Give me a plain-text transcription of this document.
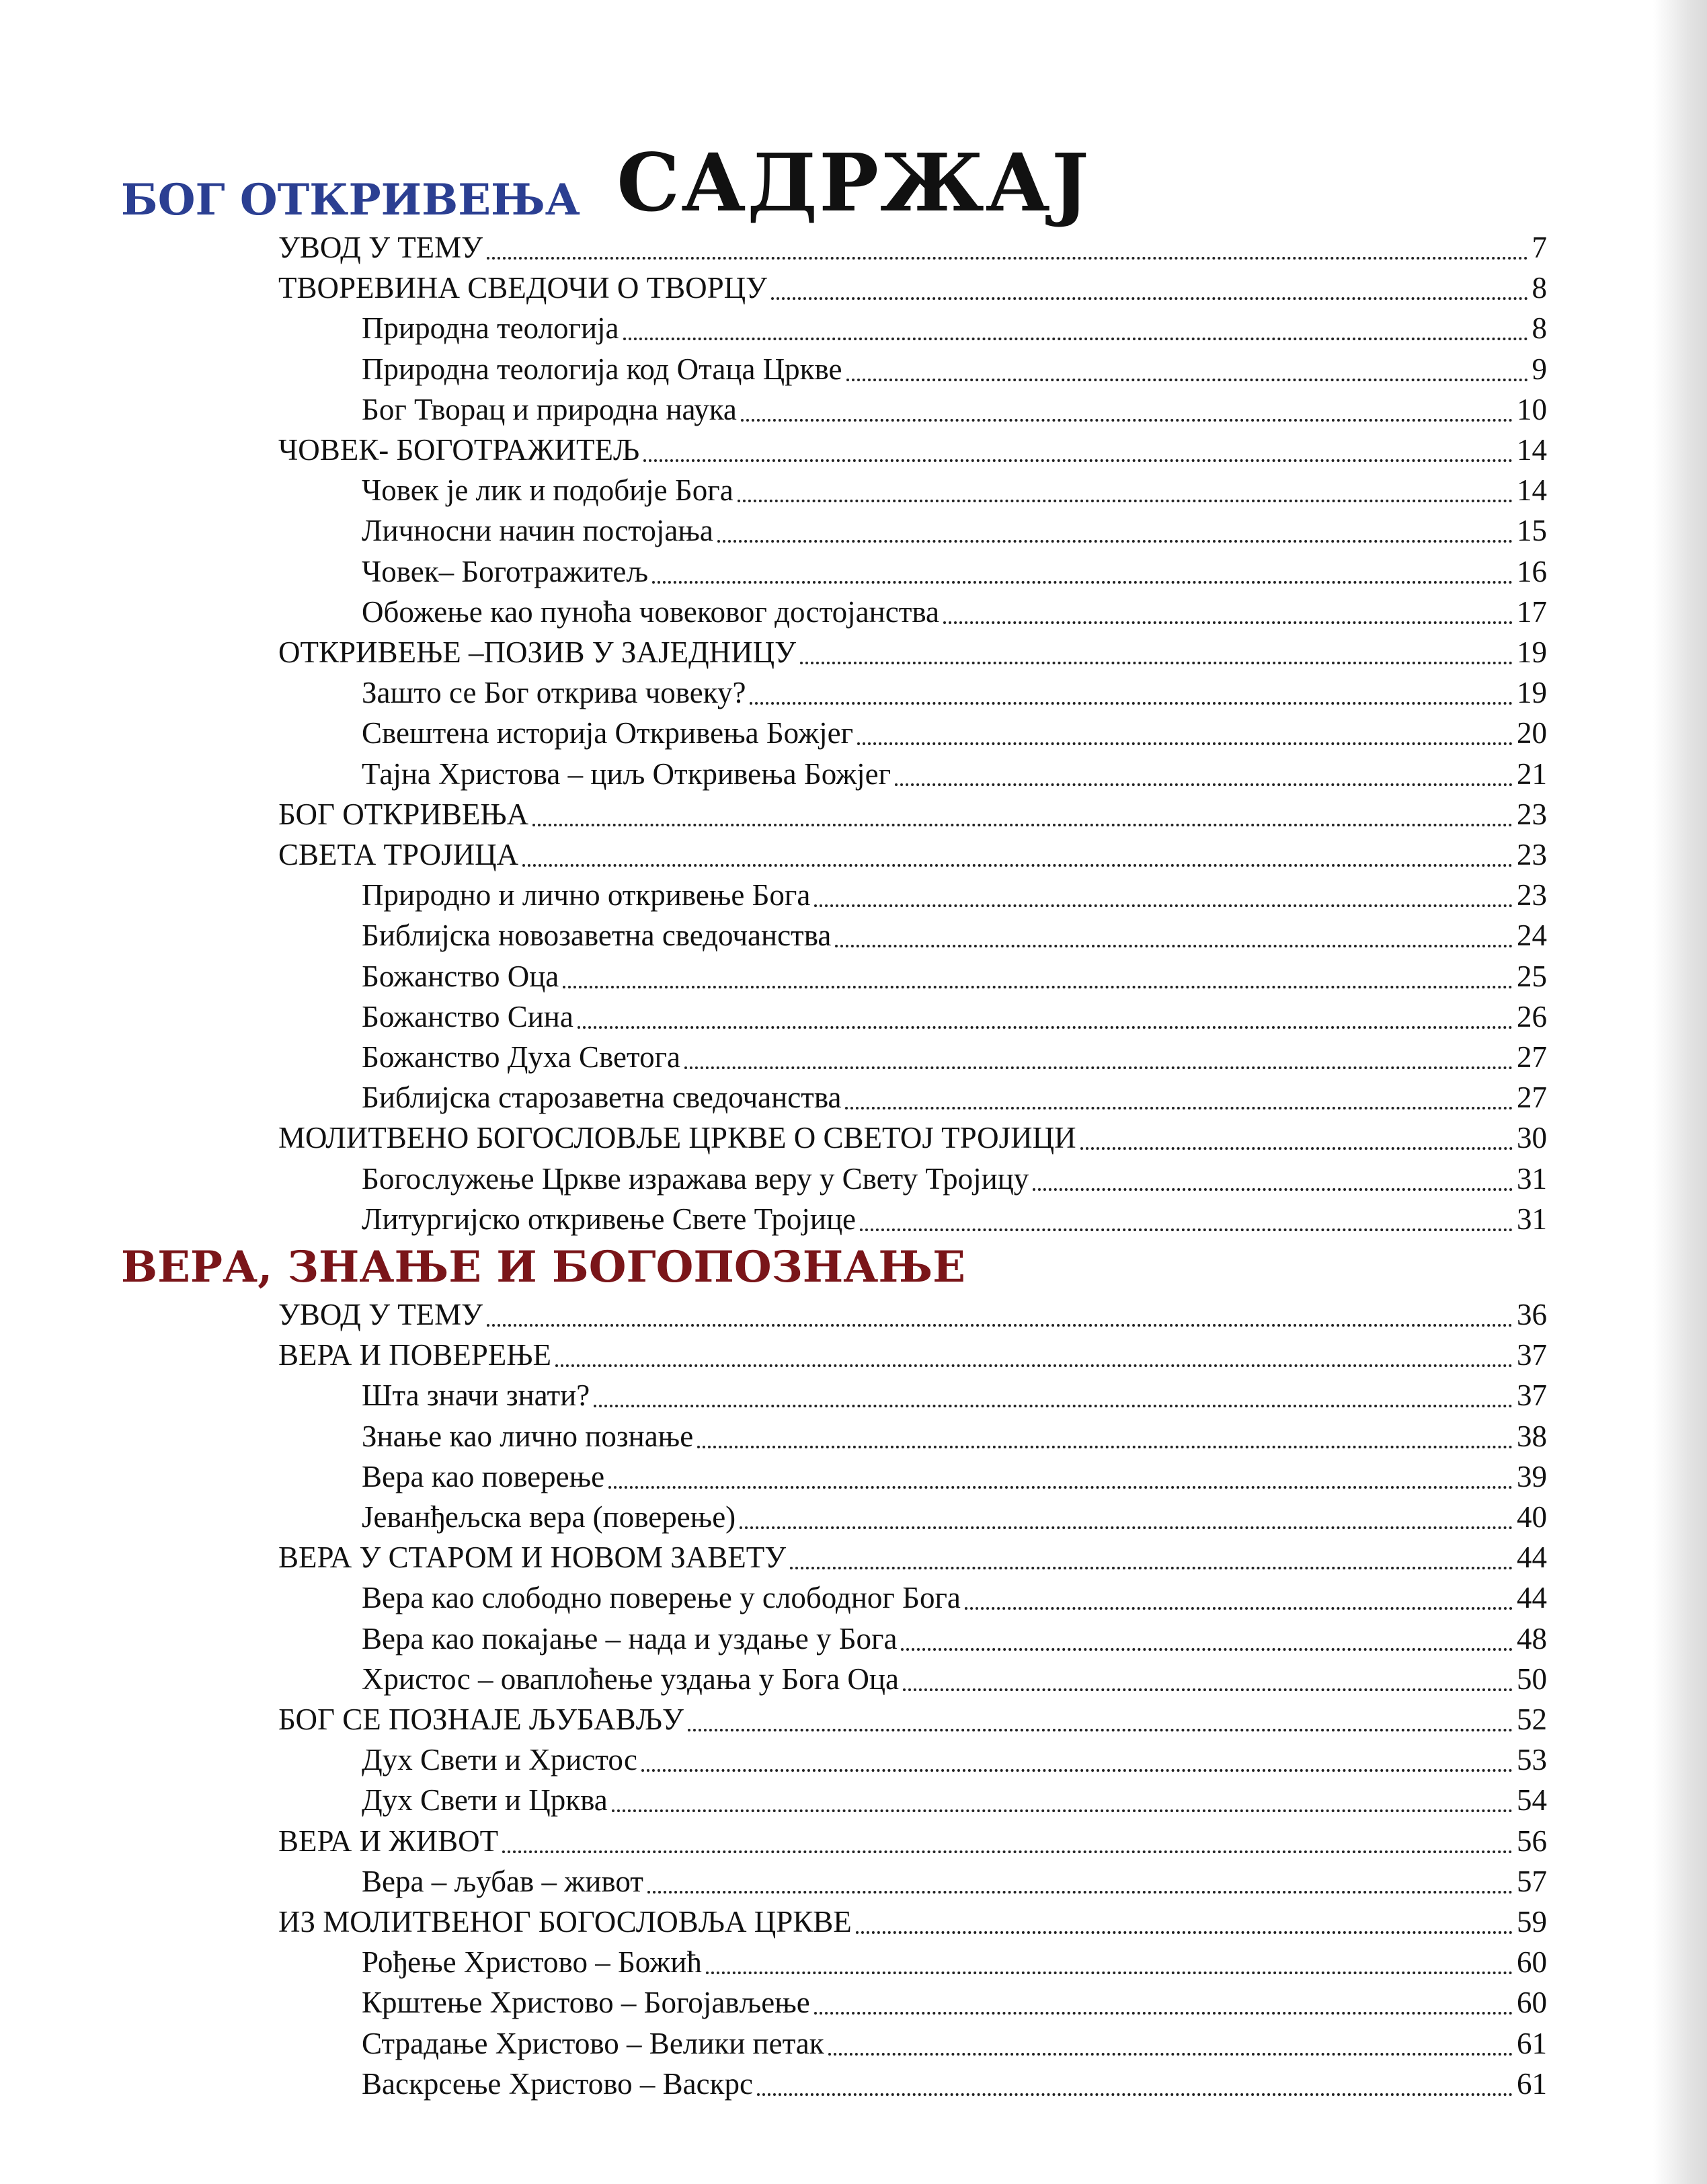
САДРЖАЈ
БОГ ОТКРИВЕЊА
УВОД У ТЕМУ	7
ТВОРЕВИНА СВЕДОЧИ О ТВОРЦУ	8
Природна теологија	8
Природна теологија код Отаца Цркве	9
Бог Творац и природна наука	10
ЧОВЕК- БОГОТРАЖИТЕЉ	14
Човек је лик и подобије Бога	14
Личносни начин постојања	15
Човек– Боготражитељ	16
Обожење као пуноћа човековог достојанства	17
ОТКРИВЕЊЕ –ПОЗИВ У ЗАЈЕДНИЦУ	19
Зашто се Бог открива човеку?	19
Свештена историја Откривења Божјег	20
Тајна Христова – циљ Откривења Божјег	21
БОГ ОТКРИВЕЊА	23
СВЕТА ТРОЈИЦА	23
Природно и лично откривење Бога	23
Библијска новозаветна сведочанства	24
Божанство Оца	25
Божанство Сина	26
Божанство Духа Светога	27
Библијска старозаветна сведочанства	27
МОЛИТВЕНО БОГОСЛОВЉЕ ЦРКВЕ О СВЕТОЈ ТРОЈИЦИ	30
Богослужење Цркве изражава веру у Свету Тројицу	31
Литургијско откривење Свете Тројице	31
ВЕРА, ЗНАЊЕ И БОГОПОЗНАЊЕ
УВОД У ТЕМУ	36
ВЕРА И ПОВЕРЕЊЕ	37
Шта значи знати?	37
Знање као лично познање	38
Вера као поверење	39
Јеванђељска вера (поверење)	40
ВЕРА У СТАРОМ И НОВОМ ЗАВЕТУ	44
Вера као слободно поверење у слободног Бога	44
Вера као покајање – нада и уздање у Бога	48
Христос – оваплоћење уздања у Бога Оца	50
БОГ СЕ ПОЗНАЈЕ ЉУБАВЉУ	52
Дух Свети и Христос	53
Дух Свети и Црква	54
ВЕРА И ЖИВОТ	56
Вера – љубав – живот	57
ИЗ МОЛИТВЕНОГ БОГОСЛОВЉА ЦРКВЕ	59
Рођење Христово – Божић	60
Крштење Христово – Богојављење	60
Страдање Христово – Велики петак	61
Васкрсење Христово – Васкрс	61
